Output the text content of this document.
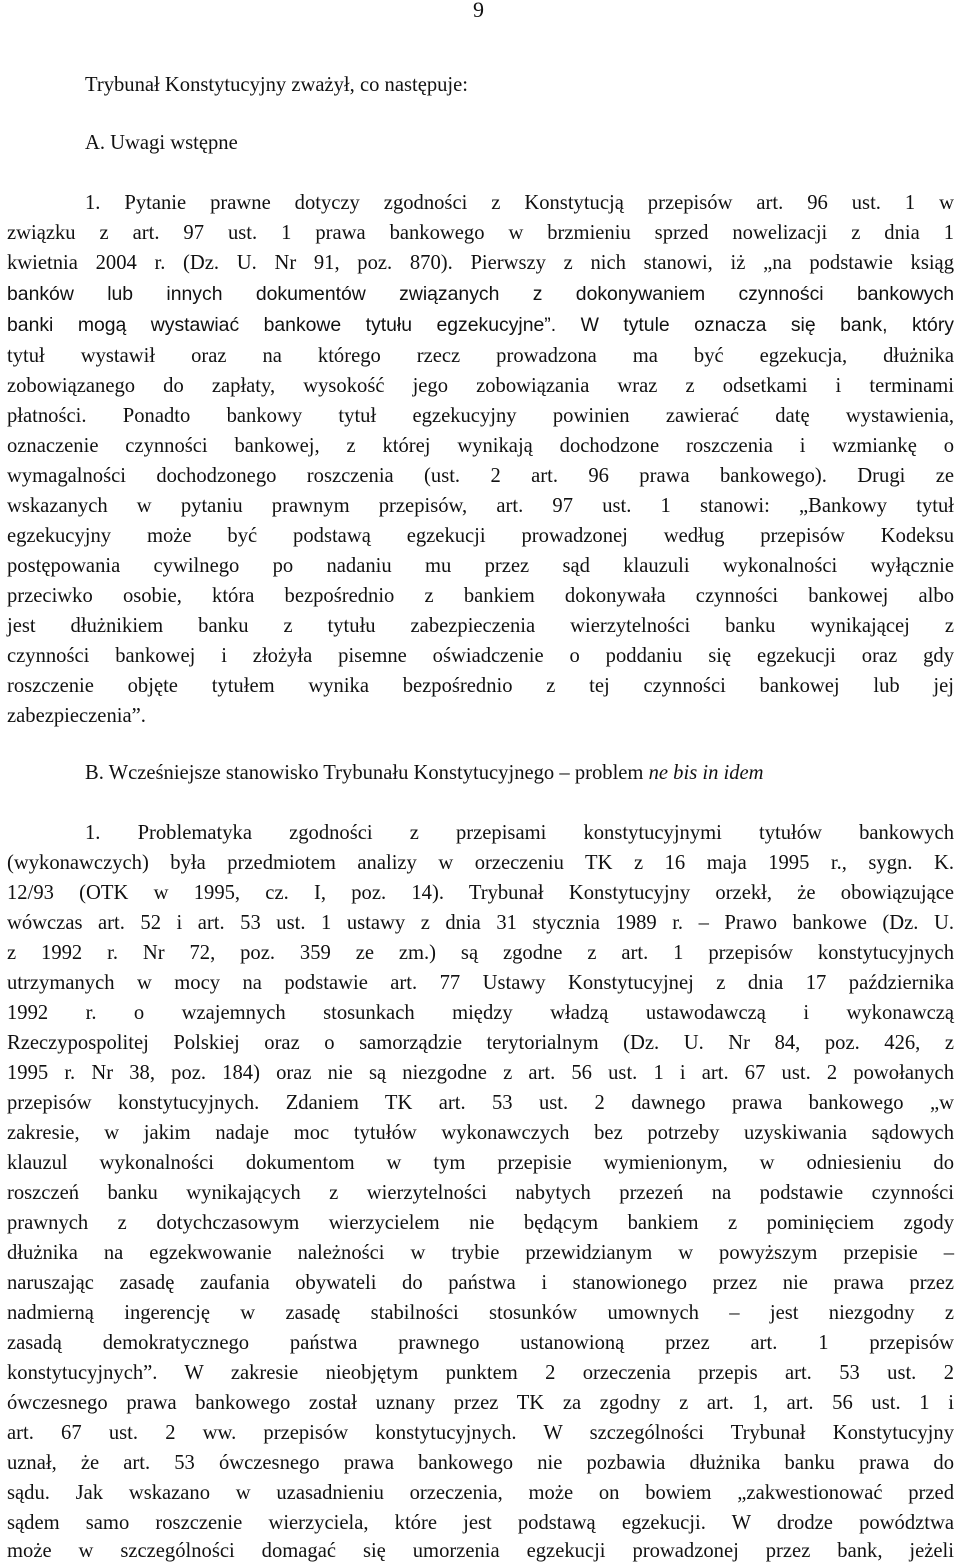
9
Trybunał Konstytucyjny zważył, co następuje:
A. Uwagi wstępne
1. Pytanie prawne dotyczy zgodności z Konstytucją przepisów art. 96 ust. 1 w
związku z art. 97 ust. 1 prawa bankowego w brzmieniu sprzed nowelizacji z dnia 1
kwietnia 2004 r. (Dz. U. Nr 91, poz. 870). Pierwszy z nich stanowi, iż „na podstawie ksiąg
banków lub innych dokumentów związanych z dokonywaniem czynności bankowych
banki mogą wystawiać bankowe tytułu egzekucyjne”. W tytule oznacza się bank, który
tytuł wystawił oraz na którego rzecz prowadzona ma być egzekucja, dłużnika
zobowiązanego do zapłaty, wysokość jego zobowiązania wraz z odsetkami i terminami
płatności. Ponadto bankowy tytuł egzekucyjny powinien zawierać datę wystawienia,
oznaczenie czynności bankowej, z której wynikają dochodzone roszczenia i wzmiankę o
wymagalności dochodzonego roszczenia (ust. 2 art. 96 prawa bankowego). Drugi ze
wskazanych w pytaniu prawnym przepisów, art. 97 ust. 1 stanowi: „Bankowy tytuł
egzekucyjny może być podstawą egzekucji prowadzonej według przepisów Kodeksu
postępowania cywilnego po nadaniu mu przez sąd klauzuli wykonalności wyłącznie
przeciwko osobie, która bezpośrednio z bankiem dokonywała czynności bankowej albo
jest dłużnikiem banku z tytułu zabezpieczenia wierzytelności banku wynikającej z
czynności bankowej i złożyła pisemne oświadczenie o poddaniu się egzekucji oraz gdy
roszczenie objęte tytułem wynika bezpośrednio z tej czynności bankowej lub jej
zabezpieczenia”.
B. Wcześniejsze stanowisko Trybunału Konstytucyjnego – problem ne bis in idem
1. Problematyka zgodności z przepisami konstytucyjnymi tytułów bankowych
(wykonawczych) była przedmiotem analizy w orzeczeniu TK z 16 maja 1995 r., sygn. K.
12/93 (OTK w 1995, cz. I, poz. 14). Trybunał Konstytucyjny orzekł, że obowiązujące
wówczas art. 52 i art. 53 ust. 1 ustawy z dnia 31 stycznia 1989 r. – Prawo bankowe (Dz. U.
z 1992 r. Nr 72, poz. 359 ze zm.) są zgodne z art. 1 przepisów konstytucyjnych
utrzymanych w mocy na podstawie art. 77 Ustawy Konstytucyjnej z dnia 17 października
1992 r. o wzajemnych stosunkach między władzą ustawodawczą i wykonawczą
Rzeczypospolitej Polskiej oraz o samorządzie terytorialnym (Dz. U. Nr 84, poz. 426, z
1995 r. Nr 38, poz. 184) oraz nie są niezgodne z art. 56 ust. 1 i art. 67 ust. 2 powołanych
przepisów konstytucyjnych. Zdaniem TK art. 53 ust. 2 dawnego prawa bankowego „w
zakresie, w jakim nadaje moc tytułów wykonawczych bez potrzeby uzyskiwania sądowych
klauzul wykonalności dokumentom w tym przepisie wymienionym, w odniesieniu do
roszczeń banku wynikających z wierzytelności nabytych przezeń na podstawie czynności
prawnych z dotychczasowym wierzycielem nie będącym bankiem z pominięciem zgody
dłużnika na egzekwowanie należności w trybie przewidzianym w powyższym przepisie –
naruszając zasadę zaufania obywateli do państwa i stanowionego przez nie prawa przez
nadmierną ingerencję w zasadę stabilności stosunków umownych – jest niezgodny z
zasadą demokratycznego państwa prawnego ustanowioną przez art. 1 przepisów
konstytucyjnych”. W zakresie nieobjętym punktem 2 orzeczenia przepis art. 53 ust. 2
ówczesnego prawa bankowego został uznany przez TK za zgodny z art. 1, art. 56 ust. 1 i
art. 67 ust. 2 ww. przepisów konstytucyjnych. W szczególności Trybunał Konstytucyjny
uznał, że art. 53 ówczesnego prawa bankowego nie pozbawia dłużnika banku prawa do
sądu. Jak wskazano w uzasadnieniu orzeczenia, może on bowiem „zakwestionować przed
sądem samo roszczenie wierzyciela, które jest podstawą egzekucji. W drodze powództwa
może w szczególności domagać się umorzenia egzekucji prowadzonej przez bank, jeżeli
